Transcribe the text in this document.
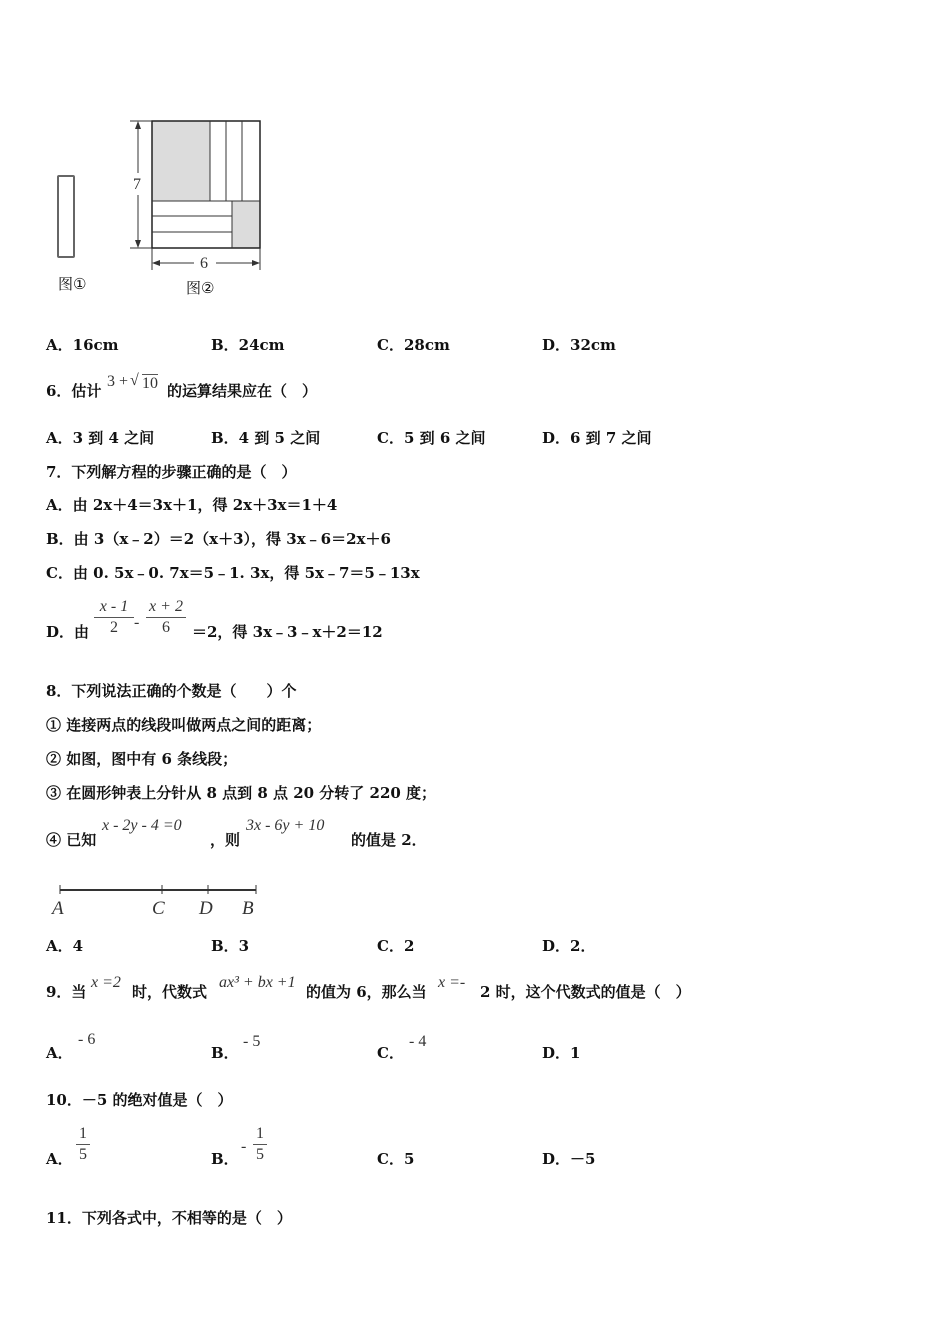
图①
7
6
图②
A．16cm	B．24cm	C．28cm	D．32cm
6．估计
3 + √ 10 的运算结果应在（　）
A．3 到 4 之间	B．4 到 5 之间	C．5 到 6 之间	D．6 到 7 之间
7．下列解方程的步骤正确的是（　）
A．由 2x＋4＝3x＋1，得 2x＋3x＝1＋4
B．由 3（x﹣2）＝2（x＋3），得 3x﹣6＝2x＋6
C．由 0. 5x﹣0. 7x＝5﹣1. 3x，得 5x﹣7＝5﹣13x
D．由
x - 1
2 -
x + 2
6 ＝2，得 3x﹣3﹣x＋2＝12
8．下列说法正确的个数是（　　）个
① 连接两点的线段叫做两点之间的距离；
② 如图，图中有 6 条线段；
③ 在圆形钟表上分针从 8 点到 8 点 20 分转了 220 度；
④ 已知
x - 2y - 4 =0
，则
3x - 6y + 10
的值是 2．
A	C D B
A．4	B．3	C．2	D．2．
9．当
x =2
时，代数式
ax³ + bx +1
的值为 6，那么当
x =-
2 时，这个代数式的值是（　）
A．
- 6
B．
- 5
C．
- 4
D．1
10．－5 的绝对值是（　）
A．
1
5	B．
-
1
5	C．5	D．－5
11．下列各式中，不相等的是（　）
